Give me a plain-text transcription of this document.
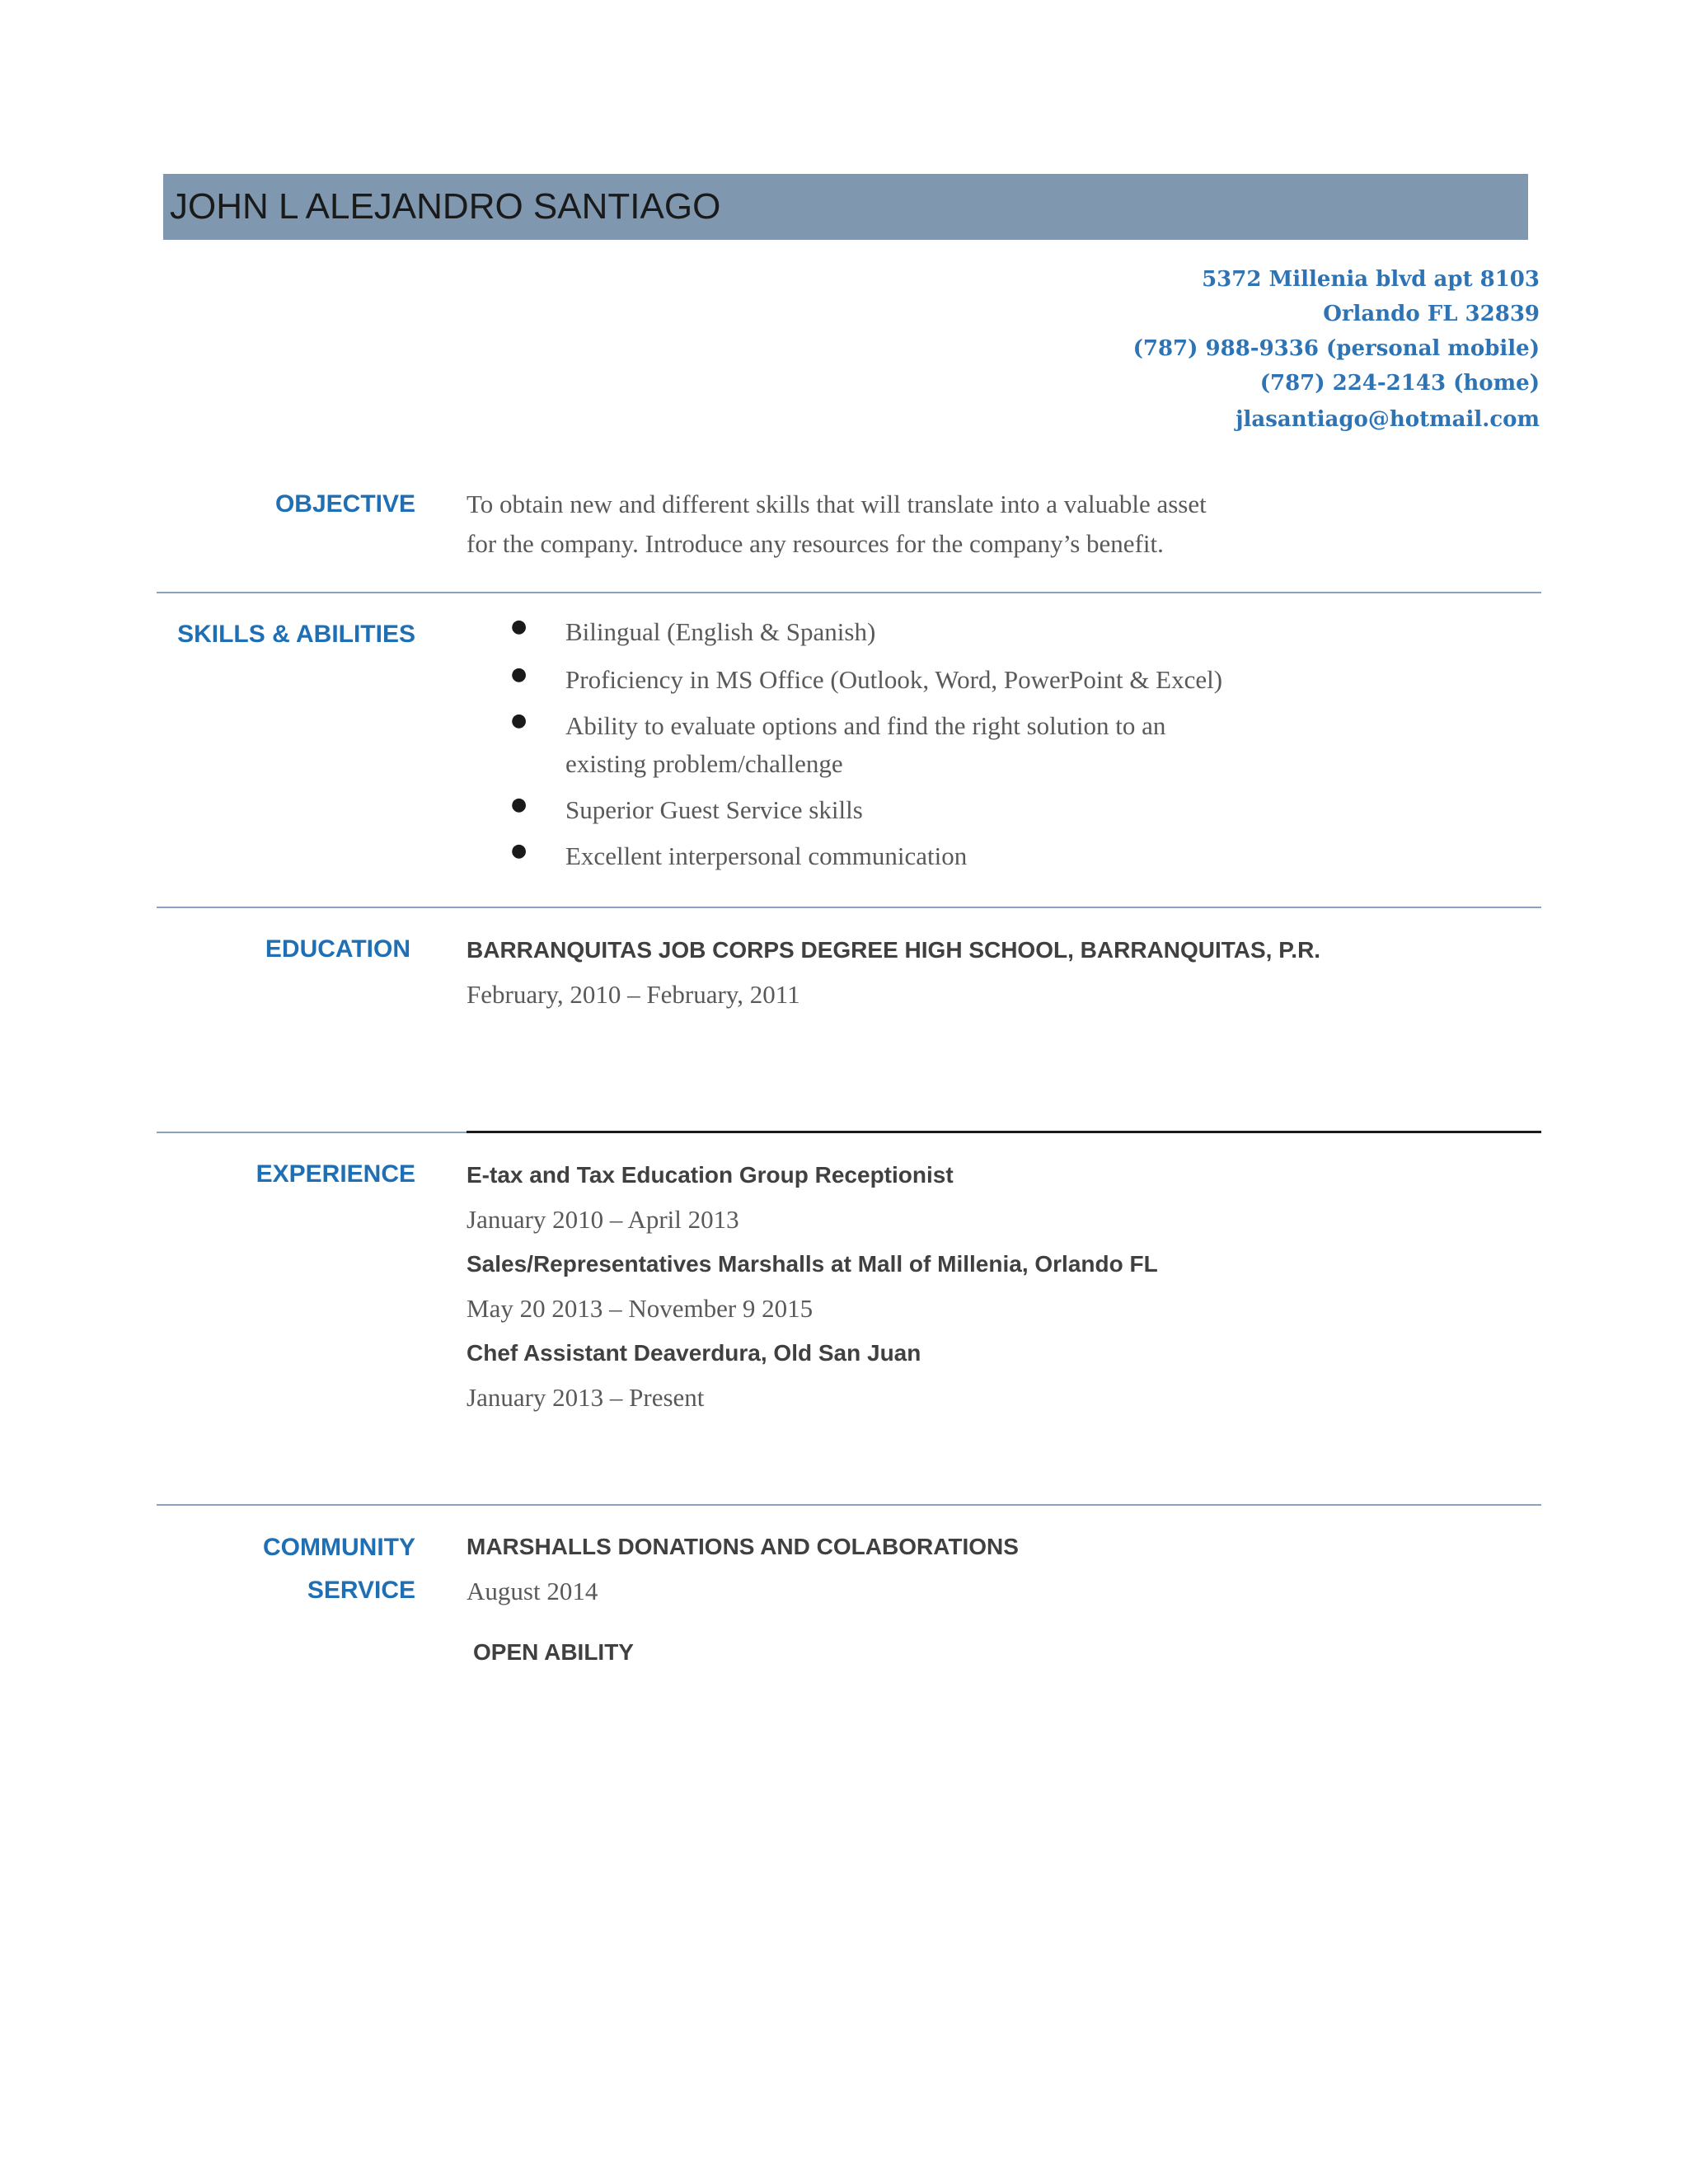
JOHN L ALEJANDRO SANTIAGO
5372 Millenia blvd apt 8103
Orlando FL 32839
(787) 988-9336 (personal mobile)
(787) 224-2143 (home)
jlasantiago@hotmail.com
OBJECTIVE To obtain new and different skills that will translate into a valuable asset

for the company. Introduce any resources for the company’s benefit.

SKILLS & ABILITIES	● Bilingual (English & Spanish)
● Proficiency in MS Office (Outlook, Word, PowerPoint & Excel)
● Ability to evaluate options and find the right solution to an
existing problem/challenge
● Superior Guest Service skills
● Excellent interpersonal communication
EDUCATION BARRANQUITAS JOB CORPS DEGREE HIGH SCHOOL, BARRANQUITAS, P.R.
February, 2010 – February, 2011
EXPERIENCE E-tax and Tax Education Group Receptionist
January 2010 – April 2013
Sales/Representatives Marshalls at Mall of Millenia, Orlando FL
May 20 2013 – November 9 2015
Chef Assistant Deaverdura, Old San Juan
January 2013 – Present
COMMUNITY
SERVICE
MARSHALLS DONATIONS AND COLABORATIONS
August 2014
OPEN ABILITY
